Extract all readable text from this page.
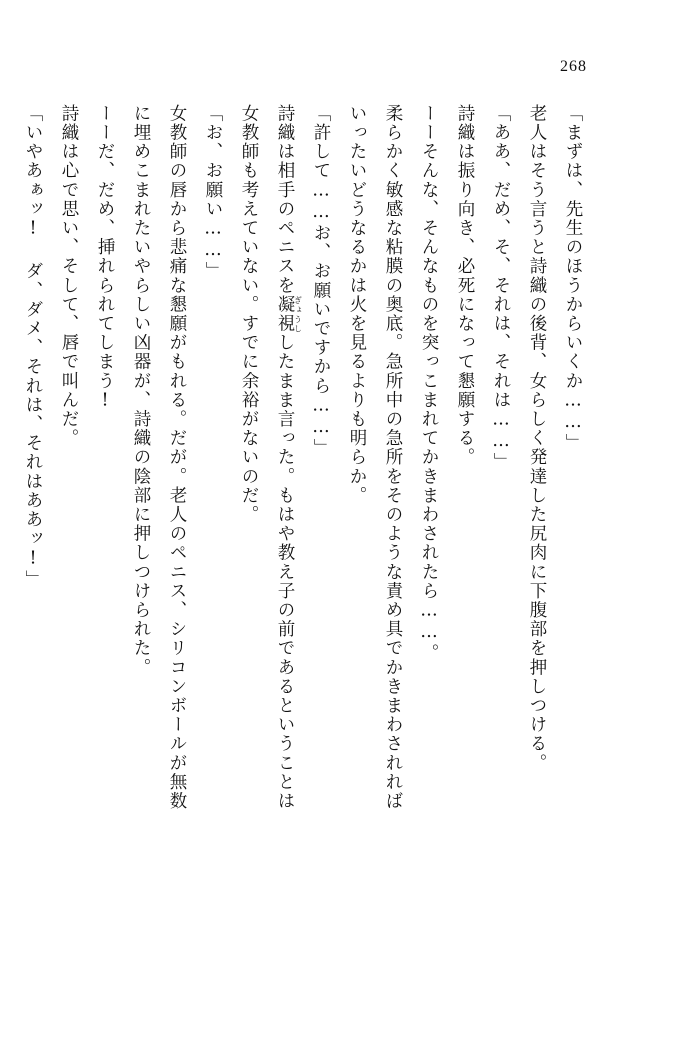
268
「まずは、先生のほうからいくか……」
老人はそう言うと詩織の後背、女らしく発達した尻肉に下腹部を押しつける。
「ああ、だめ、そ、それは、それは……」
詩織は振り向き、必死になって懇願する。
ーーそんな、そんなものを突っこまれてかきまわされたら……。
柔らかく敏感な粘膜の奥底。急所中の急所をそのような責め具でかきまわされれば
いったいどうなるかは火を見るよりも明らか。
「許して……お、お願いですから……」
詩織は相手のペニスを凝視ぎょうししたまま言った。もはや教え子の前であるということは
女教師も考えていない。すでに余裕がないのだ。
「お、お願い……」
女教師の唇から悲痛な懇願がもれる。だが。老人のペニス、シリコンボールが無数
に埋めこまれたいやらしい凶器が、詩織の陰部に押しつけられた。
ーーだ、だめ、挿れられてしまう!
詩織は心で思い、そして、唇で叫んだ。
「いやあぁッ! ダ、ダメ、それは、それはああッ!」
